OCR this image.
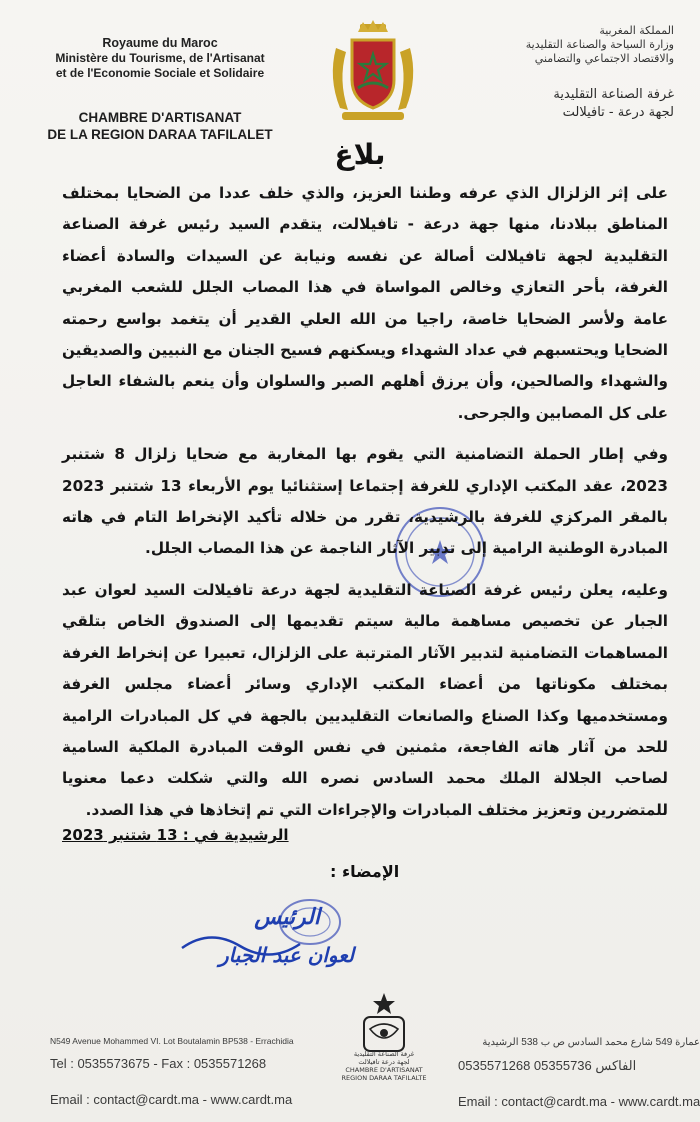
Royaume du Maroc
Ministère du Tourisme, de l'Artisanat
et de l'Economie Sociale et Solidaire
CHAMBRE D'ARTISANAT
DE LA REGION DARAA TAFILALET
المملكة المغربية
وزارة السياحة والصناعة التقليدية
والاقتصاد الاجتماعي والتضامني
غرفة الصناعة التقليدية
لجهة درعة - تافيلالت
بلاغ

على إثر الزلزال الذي عرفه وطننا العزيز، والذي خلف عددا من الضحايا بمختلف المناطق ببلادنا، منها جهة درعة - تافيلالت، يتقدم السيد رئيس غرفة الصناعة التقليدية لجهة تافيلالت أصالة عن نفسه ونيابة عن السيدات والسادة أعضاء الغرفة، بأحر التعازي وخالص المواساة في هذا المصاب الجلل للشعب المغربي عامة ولأسر الضحايا خاصة، راجيا من الله العلي القدير أن يتغمد بواسع رحمته الضحايا ويحتسبهم في عداد الشهداء ويسكنهم فسيح الجنان مع النبيين والصديقين والشهداء والصالحين، وأن يرزق أهلهم الصبر والسلوان وأن ينعم بالشفاء العاجل على كل المصابين والجرحى.

وفي إطار الحملة التضامنية التي يقوم بها المغاربة مع ضحايا زلزال 8 شتنبر 2023، عقد المكتب الإداري للغرفة إجتماعا إستثنائيا يوم الأربعاء 13 شتنبر 2023 بالمقر المركزي للغرفة بالرشيدية، تقرر من خلاله تأكيد الإنخراط التام في هاته المبادرة الوطنية الرامية إلى تدبير الآثار الناجمة عن هذا المصاب الجلل.

وعليه، يعلن رئيس غرفة الصناعة التقليدية لجهة درعة تافيلالت السيد لعوان عبد الجبار عن تخصيص مساهمة مالية سيتم تقديمها إلى الصندوق الخاص بتلقي المساهمات التضامنية لتدبير الآثار المترتبة على الزلزال، تعبيرا عن إنخراط الغرفة بمختلف مكوناتها من أعضاء المكتب الإداري وسائر أعضاء مجلس الغرفة ومستخدميها وكذا الصناع والصانعات التقليديين بالجهة في كل المبادرات الرامية للحد من آثار هاته الفاجعة، مثمنين في نفس الوقت المبادرة الملكية السامية لصاحب الجلالة الملك محمد السادس نصره الله والتي شكلت دعما معنويا للمتضررين وتعزيز مختلف المبادرات والإجراءات التي تم إتخاذها في هذا الصدد.

الرشيدية في : 13 شتنبر 2023
الإمضاء :
الرئيس
لعوان عبد الجبار
غرفة الصناعة التقليدية
لجهة درعة تافيلالت
CHAMBRE D'ARTISANAT
REGION DARAA TAFILALTE
N549 Avenue Mohammed VI. Lot Boutalamin BP538 - Errachidia
Tel : 0535573675 - Fax : 0535571268
Email : contact@cardt.ma - www.cardt.ma
عمارة 549 شارع محمد السادس ص ب 538 الرشيدية
0535571268 الفاكس 05355736
Email : contact@cardt.ma - www.cardt.ma
